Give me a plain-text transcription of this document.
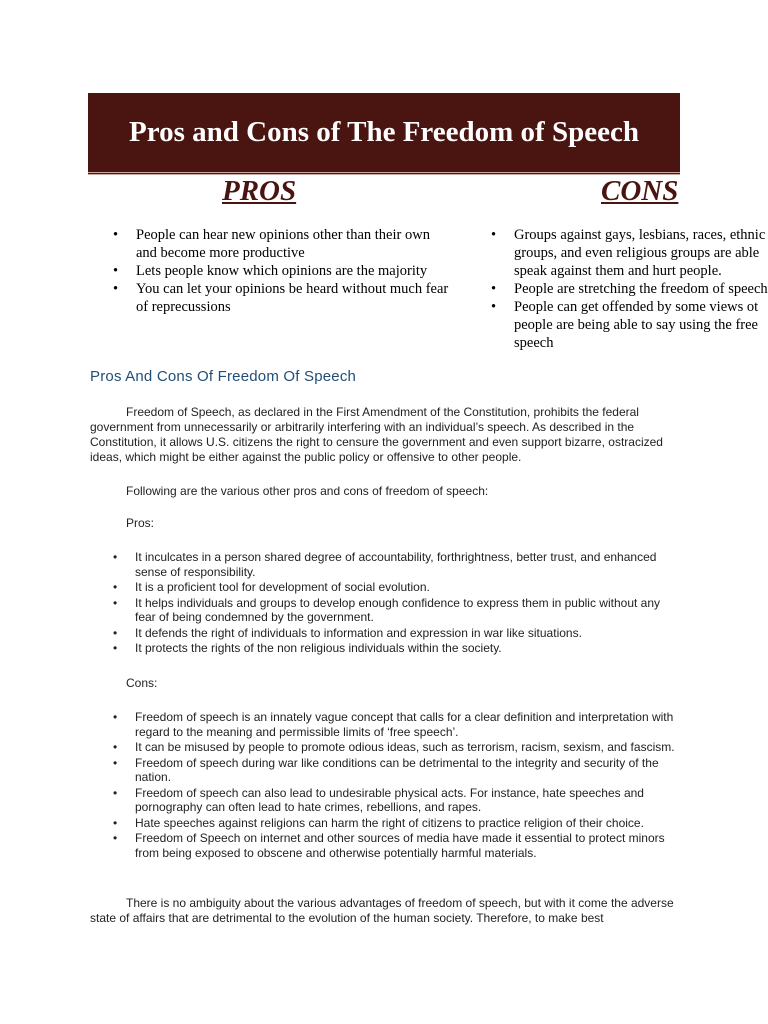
Pros and Cons of The Freedom of Speech
PROS	CONS
• People can hear new opinions other than their own and become more productive
• Lets people know which opinions are the majority
• You can let your opinions be heard without much fear of reprecussions
• Groups against gays, lesbians, races, ethnic
groups, and even religious groups are able
speak against them and hurt people.
• People are stretching the freedom of speech
• People can get offended by some views ot
people are being able to say using the free
speech
Pros And Cons Of Freedom Of Speech

Freedom of Speech, as declared in the First Amendment of the Constitution, prohibits the federal government from unnecessarily or arbitrarily interfering with an individual’s speech. As described in the Constitution, it allows U.S. citizens the right to censure the government and even support bizarre, ostracized ideas, which might be either against the public policy or offensive to other people.

Following are the various other pros and cons of freedom of speech:

Pros:

• It inculcates in a person shared degree of accountability, forthrightness, better trust, and enhanced sense of responsibility.
• It is a proficient tool for development of social evolution.
• It helps individuals and groups to develop enough confidence to express them in public without any fear of being condemned by the government.
• It defends the right of individuals to information and expression in war like situations.
• It protects the rights of the non religious individuals within the society.

Cons:

• Freedom of speech is an innately vague concept that calls for a clear definition and interpretation with regard to the meaning and permissible limits of ‘free speech’.
• It can be misused by people to promote odious ideas, such as terrorism, racism, sexism, and fascism.
• Freedom of speech during war like conditions can be detrimental to the integrity and security of the nation.
• Freedom of speech can also lead to undesirable physical acts. For instance, hate speeches and pornography can often lead to hate crimes, rebellions, and rapes.
• Hate speeches against religions can harm the right of citizens to practice religion of their choice.
• Freedom of Speech on internet and other sources of media have made it essential to protect minors from being exposed to obscene and otherwise potentially harmful materials.

There is no ambiguity about the various advantages of freedom of speech, but with it come the adverse state of affairs that are detrimental to the evolution of the human society. Therefore, to make best
